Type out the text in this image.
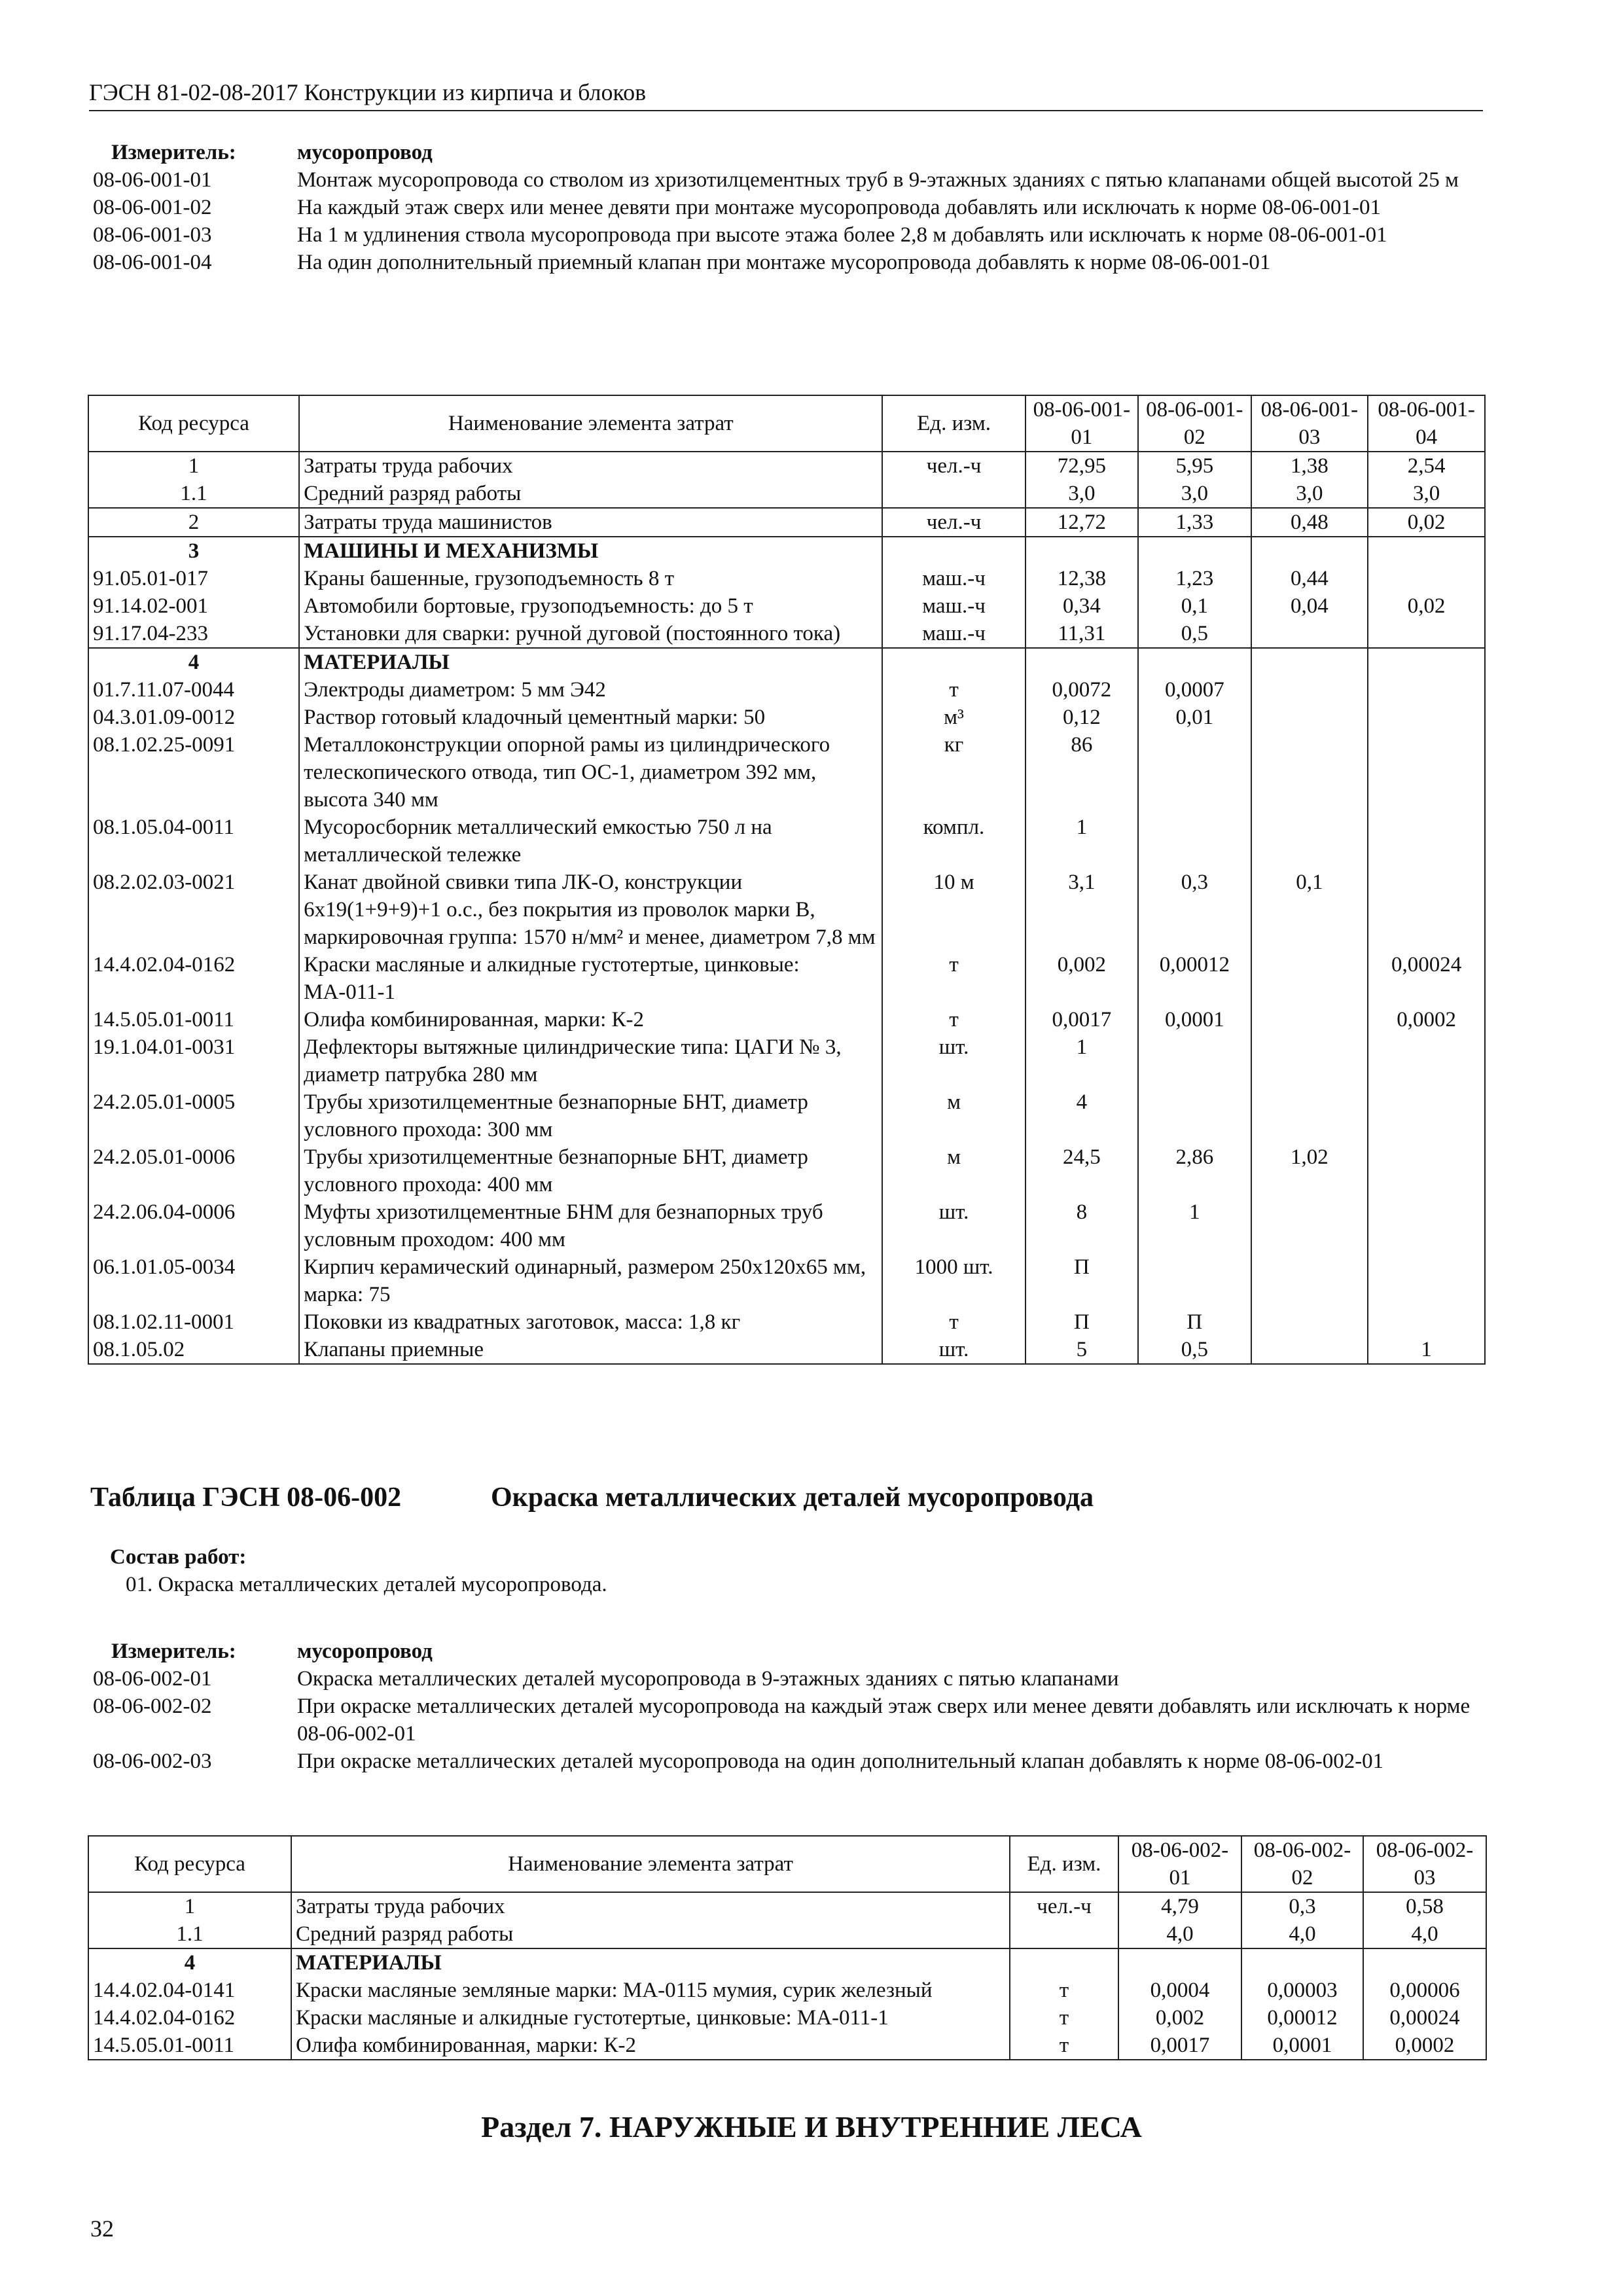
ГЭСН 81-02-08-2017 Конструкции из кирпича и блоков
Измеритель:	мусоропровод
08-06-001-01	Монтаж мусоропровода со стволом из хризотилцементных труб в 9-этажных зданиях с пятью клапанами общей высотой 25 м
08-06-001-02	На каждый этаж сверх или менее девяти при монтаже мусоропровода добавлять или исключать к норме 08-06-001-01
08-06-001-03	На 1 м удлинения ствола мусоропровода при высоте этажа более 2,8 м добавлять или исключать к норме 08-06-001-01
08-06-001-04	На один дополнительный приемный клапан при монтаже мусоропровода добавлять к норме 08-06-001-01
Код ресурса	Наименование элемента затрат	Ед. изм.	08-06-001-01	08-06-001-02	08-06-001-03	08-06-001-04
1	Затраты труда рабочих	чел.-ч	72,95	5,95	1,38	2,54
1.1	Средний разряд работы		3,0	3,0	3,0	3,0
2	Затраты труда машинистов	чел.-ч	12,72	1,33	0,48	0,02
3	МАШИНЫ И МЕХАНИЗМЫ					
91.05.01-017	Краны башенные, грузоподъемность 8 т	маш.-ч	12,38	1,23	0,44	
91.14.02-001	Автомобили бортовые, грузоподъемность: до 5 т	маш.-ч	0,34	0,1	0,04	0,02
91.17.04-233	Установки для сварки: ручной дуговой (постоянного тока)	маш.-ч	11,31	0,5		
4	МАТЕРИАЛЫ					
01.7.11.07-0044	Электроды диаметром: 5 мм Э42	т	0,0072	0,0007		
04.3.01.09-0012	Раствор готовый кладочный цементный марки: 50	м³	0,12	0,01		
08.1.02.25-0091	Металлоконструкции опорной рамы из цилиндрического телескопического отвода, тип ОС-1, диаметром 392 мм, высота 340 мм	кг	86			
08.1.05.04-0011	Мусоросборник металлический емкостью 750 л на металлической тележке	компл.	1			
08.2.02.03-0021	Канат двойной свивки типа ЛК-О, конструкции 6x19(1+9+9)+1 о.с., без покрытия из проволок марки В, маркировочная группа: 1570 н/мм² и менее, диаметром 7,8 мм	10 м	3,1	0,3	0,1	
14.4.02.04-0162	Краски масляные и алкидные густотертые, цинковые: МА-011-1	т	0,002	0,00012		0,00024
14.5.05.01-0011	Олифа комбинированная, марки: К-2	т	0,0017	0,0001		0,0002
19.1.04.01-0031	Дефлекторы вытяжные цилиндрические типа: ЦАГИ № 3, диаметр патрубка 280 мм	шт.	1			
24.2.05.01-0005	Трубы хризотилцементные безнапорные БНТ, диаметр условного прохода: 300 мм	м	4			
24.2.05.01-0006	Трубы хризотилцементные безнапорные БНТ, диаметр условного прохода: 400 мм	м	24,5	2,86	1,02	
24.2.06.04-0006	Муфты хризотилцементные БНМ для безнапорных труб условным проходом: 400 мм	шт.	8	1		
06.1.01.05-0034	Кирпич керамический одинарный, размером 250x120x65 мм, марка: 75	1000 шт.	П			
08.1.02.11-0001	Поковки из квадратных заготовок, масса: 1,8 кг	т	П	П		
08.1.05.02	Клапаны приемные	шт.	5	0,5		1
Таблица ГЭСН 08-06-002	Окраска металлических деталей мусоропровода
Состав работ:
01. Окраска металлических деталей мусоропровода.
Измеритель:	мусоропровод
08-06-002-01	Окраска металлических деталей мусоропровода в 9-этажных зданиях с пятью клапанами
08-06-002-02	При окраске металлических деталей мусоропровода на каждый этаж сверх или менее девяти добавлять или исключать к норме 08-06-002-01
08-06-002-03	При окраске металлических деталей мусоропровода на один дополнительный клапан добавлять к норме 08-06-002-01
Код ресурса	Наименование элемента затрат	Ед. изм.	08-06-002-01	08-06-002-02	08-06-002-03
1	Затраты труда рабочих	чел.-ч	4,79	0,3	0,58
1.1	Средний разряд работы		4,0	4,0	4,0
4	МАТЕРИАЛЫ				
14.4.02.04-0141	Краски масляные земляные марки: МА-0115 мумия, сурик железный	т	0,0004	0,00003	0,00006
14.4.02.04-0162	Краски масляные и алкидные густотертые, цинковые: МА-011-1	т	0,002	0,00012	0,00024
14.5.05.01-0011	Олифа комбинированная, марки: К-2	т	0,0017	0,0001	0,0002
Раздел 7. НАРУЖНЫЕ И ВНУТРЕННИЕ ЛЕСА
32
